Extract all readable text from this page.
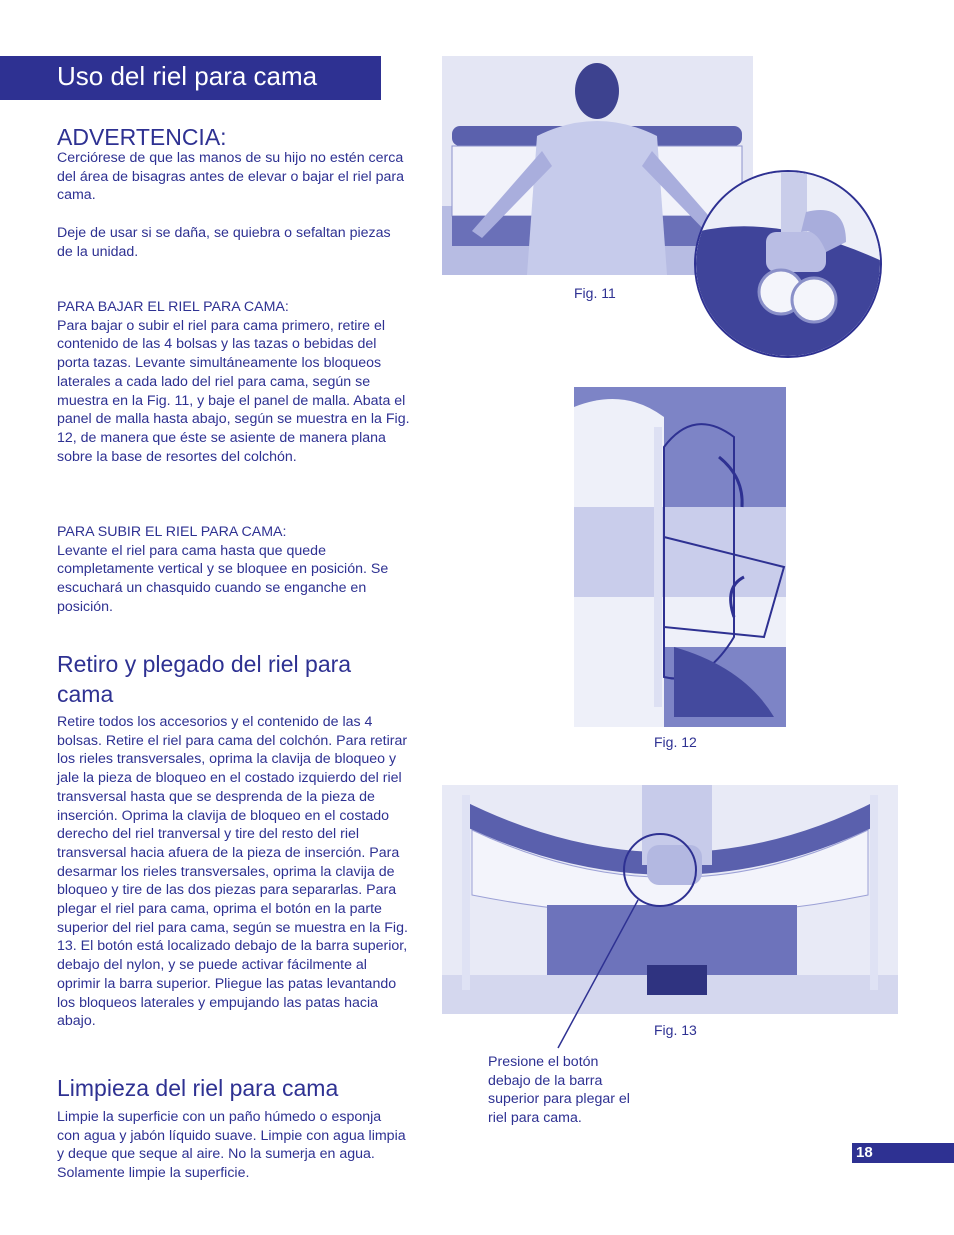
Uso del riel para cama
ADVERTENCIA:
Cerciórese de que las manos de su hijo no estén cerca del área de bisagras antes de elevar o bajar el riel para cama.
Deje de usar si se daña, se quiebra o sefaltan piezas de la unidad.
PARA BAJAR EL RIEL PARA CAMA:
Para bajar o subir el riel para cama primero, retire el contenido de las 4 bolsas y las tazas o bebidas del porta tazas. Levante simultáneamente los bloqueos laterales a cada lado del riel para cama, según se muestra en la Fig. 11, y baje el panel de malla. Abata el panel de malla hasta abajo, según se muestra en la Fig. 12, de manera que éste se asiente de manera plana sobre la base de resortes del colchón.
PARA SUBIR EL RIEL PARA CAMA:
Levante el riel para cama hasta que quede completamente vertical y se bloquee en posición. Se escuchará un chasquido cuando se enganche en posición.
Retiro y plegado del riel para cama
Retire todos los accesorios y el contenido de las 4 bolsas. Retire el riel para cama del colchón. Para retirar los rieles transversales, oprima la clavija de bloqueo y jale la pieza de bloqueo en el costado izquierdo del riel transversal hasta que se desprenda de la pieza de inserción. Oprima la clavija de bloqueo en el costado derecho del riel tranversal y tire del resto del riel transversal hacia afuera de la pieza de inserción. Para desarmar los rieles transversales, oprima la clavija de bloqueo y tire de las dos piezas para separarlas. Para plegar el riel para cama, oprima el botón en la parte superior del riel para cama, según se muestra en la Fig. 13. El botón está localizado debajo de la barra superior, debajo del nylon, y se puede activar fácilmente al oprimir la barra superior. Pliegue las patas levantando los bloqueos laterales y empujando las patas hacia abajo.
Limpieza del riel para cama
Limpie la superficie con un paño húmedo o esponja con agua y jabón líquido suave. Limpie con agua limpia y deque que seque al aire. No la sumerja en agua. Solamente limpie la superficie.
Fig. 11
Fig. 12
Fig. 13
Presione el botón debajo de la barra superior para plegar el riel para cama.
18
